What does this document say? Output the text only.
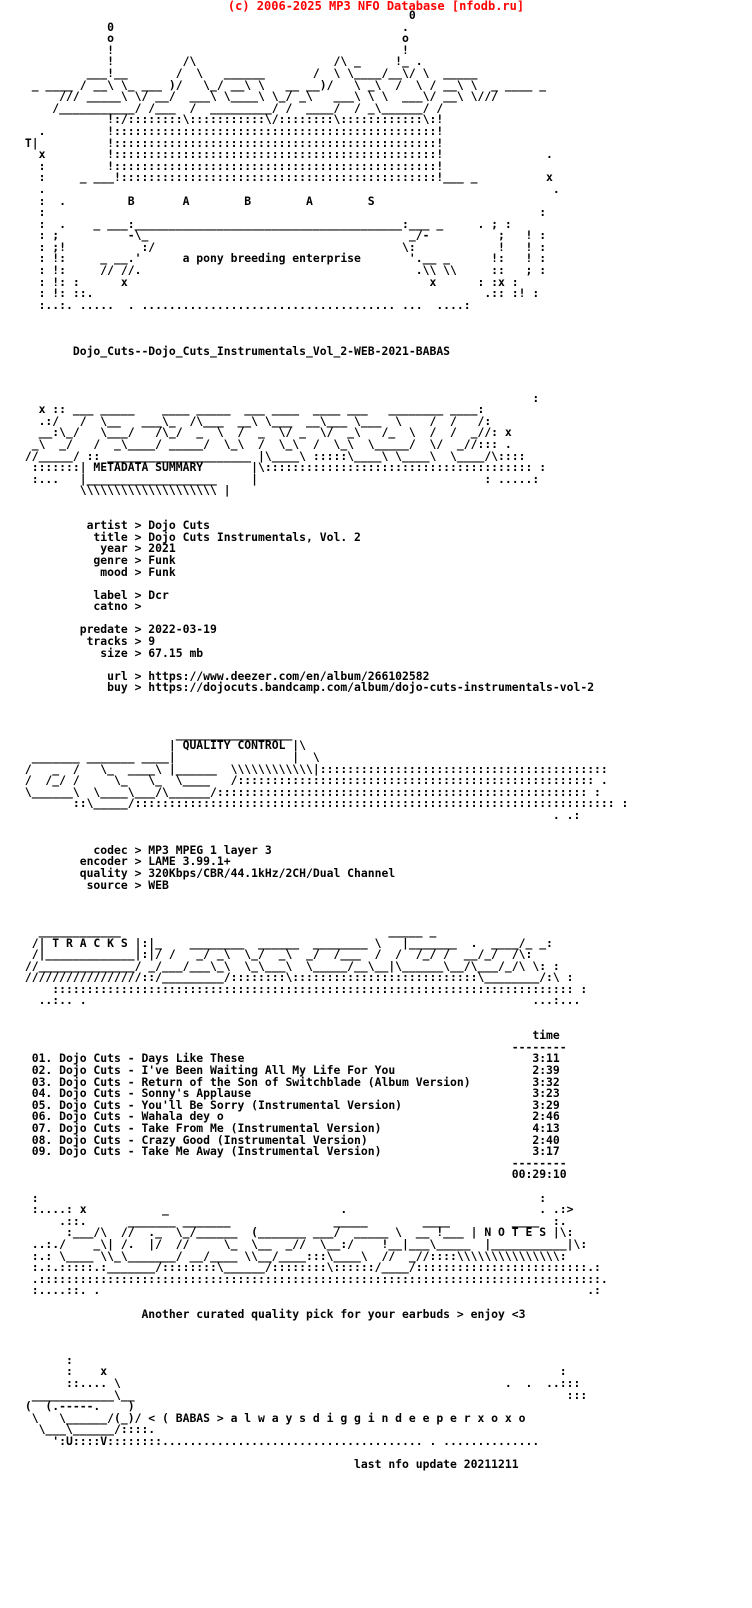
(c) 2006-2025 MP3 NFO Database [nfodb.ru]
0
0                                          .
o                                          o
!                                          !
!          /\                    /\ _     !_ .
___!__       /  \   ______       /  \ \____/__\/ \  _____
_ ____ / __\ \_ ___ )/   \_/ __\ \   __ __)/   \ _\  /  \ / __\ \  _ ____ _
/// _____\ \/ __/  ___\ \____\ \_/ _\   ___\ \ \  ___\/ __\ \///
/___________/ /___  /  _________/ /  ____/  / _\______/ /
!:/::::::::\:::::::::::\/::::::::\::::::::::::\:!
.         !:::::::::::::::::::::::::::::::::::::::::::::::!
T|          !:::::::::::::::::::::::::::::::::::::::::::::::!
x         !:::::::::::::::::::::::::::::::::::::::::::::::!               .
:         !:::::::::::::::::::::::::::::::::::::::::::::::!
:     _ ___!::::::::::::::::::::::::::::::::::::::::::::::!___ _          x
.                                                                          .
:  .         B       A        B        A        S
:                                                                        :
:  .    _ ___:_______________________________________:___ _     . ; :
: ;          -\_                                      _/-          ;   ! :
: ;!           :/                                    \:            !   ! :
: !:     _ __.'      a pony breeding enterprise       '.__ _      !:   ! :
: !:     // //.                                        .\\ \\     ::   ; :
: !: :      x                                            x      : :x :
: !: ::.                                                         .:: :! :
:..:. .....  . ..................................... ...  ....:

Dojo_Cuts--Dojo_Cuts_Instrumentals_Vol_2-WEB-2021-BABAS

:
x :: ___ _____    ____ _____  ___ ____  ____ ___   ________ ____:
.:/   /  \__   ___\_  /\___  __\ \___  __\___ \___  \    /  /   /:
__:\_/   \___/   /\_/  _  \  /  _  \/ _  \/  _\   /_  \  /  /  _//: x
_\  _/   /  _\____/ _____/  \_\  /  \_\  /  \_\  \_____/  \/  _//::: .
//_____/ :: _____________________ |\____\ :::::\____\ \____\  \____/\::::
:::::::| METADATA SUMMARY       |\::::::::::::::::::::::::::::::::::::::: :
:...   |___________________     |                                 : .....:
\\\\\\\\\\\\\\\\\\\\ |

artist > Dojo Cuts
title > Dojo Cuts Instrumentals, Vol. 2
year > 2021
genre > Funk
mood > Funk

label > Dcr
catno >

predate > 2022-03-19
tracks > 9
size > 67.15 mb

url > https://www.deezer.com/en/album/266102582
buy > https://dojocuts.bandcamp.com/album/dojo-cuts-instrumentals-vol-2

_________________
| QUALITY CONTROL |\
_______ _______ ____|                 |  \
/   _  /   \_  ____\ |______  \\\\\\\\\\\\|::::::::::::::::::::::::::::::::::::::::::
/  /_/ /     \_   \_  \____   /:::::::::::::::::::::::::::::::::::::::::::::::::::: .
\______\  \____\___/\______/:::::::::::::::::::::::::::::::::::::::::::::::::::::: :
::\_____/:::::::::::::::::::::::::::::::::::::::::::::::::::::::::::::::::::::: :
. .:

codec > MP3 MPEG 1 layer 3
encoder > LAME 3.99.1+
quality > 320Kbps/CBR/44.1kHz/2CH/Dual Channel
source > WEB

____________                                       _____ _
/| T R A C K S |:|_    ________  ______  ________ \   |_______  .  ____/_ _:
/|_____________|:|/ /   _/ _\  \_/  _\  _/  /___  /  /  /_/ /  __/_/  /\:
//______________/ _/___/___\_\  \_\___\  \_____/__\__|\______\__/\___/_/\ \: :
/////////////////::/_________/::::::::\:::::::::::::::::::::::::::\________/:\ :
:::::::::::::::::::::::::::::::::::::::::::::::::::::::::::::::::::::::::::: :
..:.. .                                                                 ...:...

time
--------
01. Dojo Cuts - Days Like These                                          3:11
02. Dojo Cuts - I've Been Waiting All My Life For You                    2:39
03. Dojo Cuts - Return of the Son of Switchblade (Album Version)         3:32
04. Dojo Cuts - Sonny's Applause                                         3:23
05. Dojo Cuts - You'll Be Sorry (Instrumental Version)                   3:29
06. Dojo Cuts - Wahala dey o                                             2:46
07. Dojo Cuts - Take From Me (Instrumental Version)                      4:13
08. Dojo Cuts - Crazy Good (Instrumental Version)                        2:40
09. Dojo Cuts - Take Me Away (Instrumental Version)                      3:17
--------
00:29:10

:                                                                         :
:....: x           _                         .                            . .:>
.::.      _______ _______               _____        ____         ____  :.
:___/\  //  ._  \_/______  (_______ ___/  _____ \  __ !___ | N O T E S |\:
..:./    _\| /.  |/  //     \_  \__  _//  \__:/    !__|___\_____  |___________|\:
:.: \____ \\_\_______/ __/____ \\__/____:::\____\  //  _//::::\\\\\\\\\\\\\\\:
:.:.:::::.:_______/::::::::\______/::::::::\::::::/____/:::::::::::::::::::::::::.:
.::::::::::::::::::::::::::::::::::::::::::::::::::::::::::::::::::::::::::::::::::.
:....::. .                                                                       .:

Another curated quality pick for your earbuds > enjoy <3

:
:    x                                                                  :
::.... \                                                        .  .  ..:::
____________\__                                                               :::
(  (.-----.    )
\   \______/(_)/ < ( BABAS > a l w a y s d i g g i n d e e p e r x o x o
\___\______/::::.
':U::::V::::::::...................................... . ..............

last nfo update 20211211
